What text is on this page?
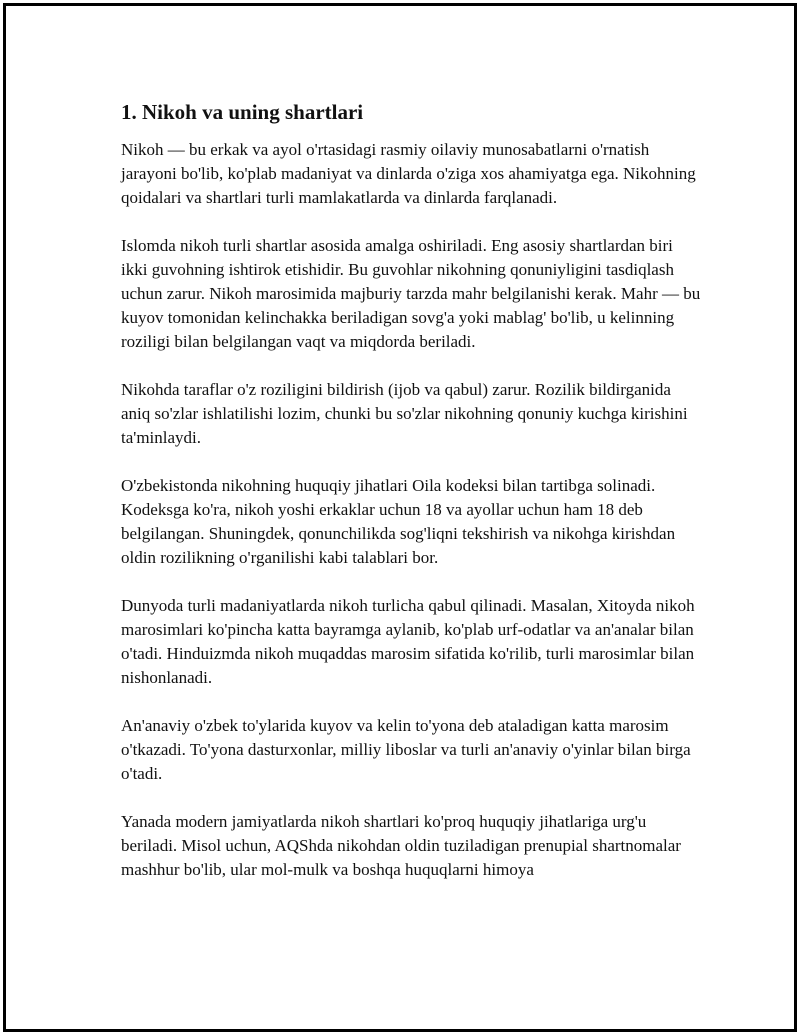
1. Nikoh va uning shartlari

Nikoh — bu erkak va ayol o'rtasidagi rasmiy oilaviy munosabatlarni o'rnatish jarayoni bo'lib, ko'plab madaniyat va dinlarda o'ziga xos ahamiyatga ega. Nikohning qoidalari va shartlari turli mamlakatlarda va dinlarda farqlanadi.

Islomda nikoh turli shartlar asosida amalga oshiriladi. Eng asosiy shartlardan biri ikki guvohning ishtirok etishidir. Bu guvohlar nikohning qonuniyligini tasdiqlash uchun zarur. Nikoh marosimida majburiy tarzda mahr belgilanishi kerak. Mahr — bu kuyov tomonidan kelinchakka beriladigan sovg'a yoki mablag' bo'lib, u kelinning roziligi bilan belgilangan vaqt va miqdorda beriladi.

Nikohda taraflar o'z roziligini bildirish (ijob va qabul) zarur. Rozilik bildirganida aniq so'zlar ishlatilishi lozim, chunki bu so'zlar nikohning qonuniy kuchga kirishini ta'minlaydi.

O'zbekistonda nikohning huquqiy jihatlari Oila kodeksi bilan tartibga solinadi. Kodeksga ko'ra, nikoh yoshi erkaklar uchun 18 va ayollar uchun ham 18 deb belgilangan. Shuningdek, qonunchilikda sog'liqni tekshirish va nikohga kirishdan oldin rozilikning o'rganilishi kabi talablari bor.

Dunyoda turli madaniyatlarda nikoh turlicha qabul qilinadi. Masalan, Xitoyda nikoh marosimlari ko'pincha katta bayramga aylanib, ko'plab urf-odatlar va an'analar bilan o'tadi. Hinduizmda nikoh muqaddas marosim sifatida ko'rilib, turli marosimlar bilan nishonlanadi.

An'anaviy o'zbek to'ylarida kuyov va kelin to'yona deb ataladigan katta marosim o'tkazadi. To'yona dasturxonlar, milliy liboslar va turli an'anaviy o'yinlar bilan birga o'tadi.

Yanada modern jamiyatlarda nikoh shartlari ko'proq huquqiy jihatlariga urg'u beriladi. Misol uchun, AQShda nikohdan oldin tuziladigan prenupial shartnomalar mashhur bo'lib, ular mol-mulk va boshqa huquqlarni himoya
